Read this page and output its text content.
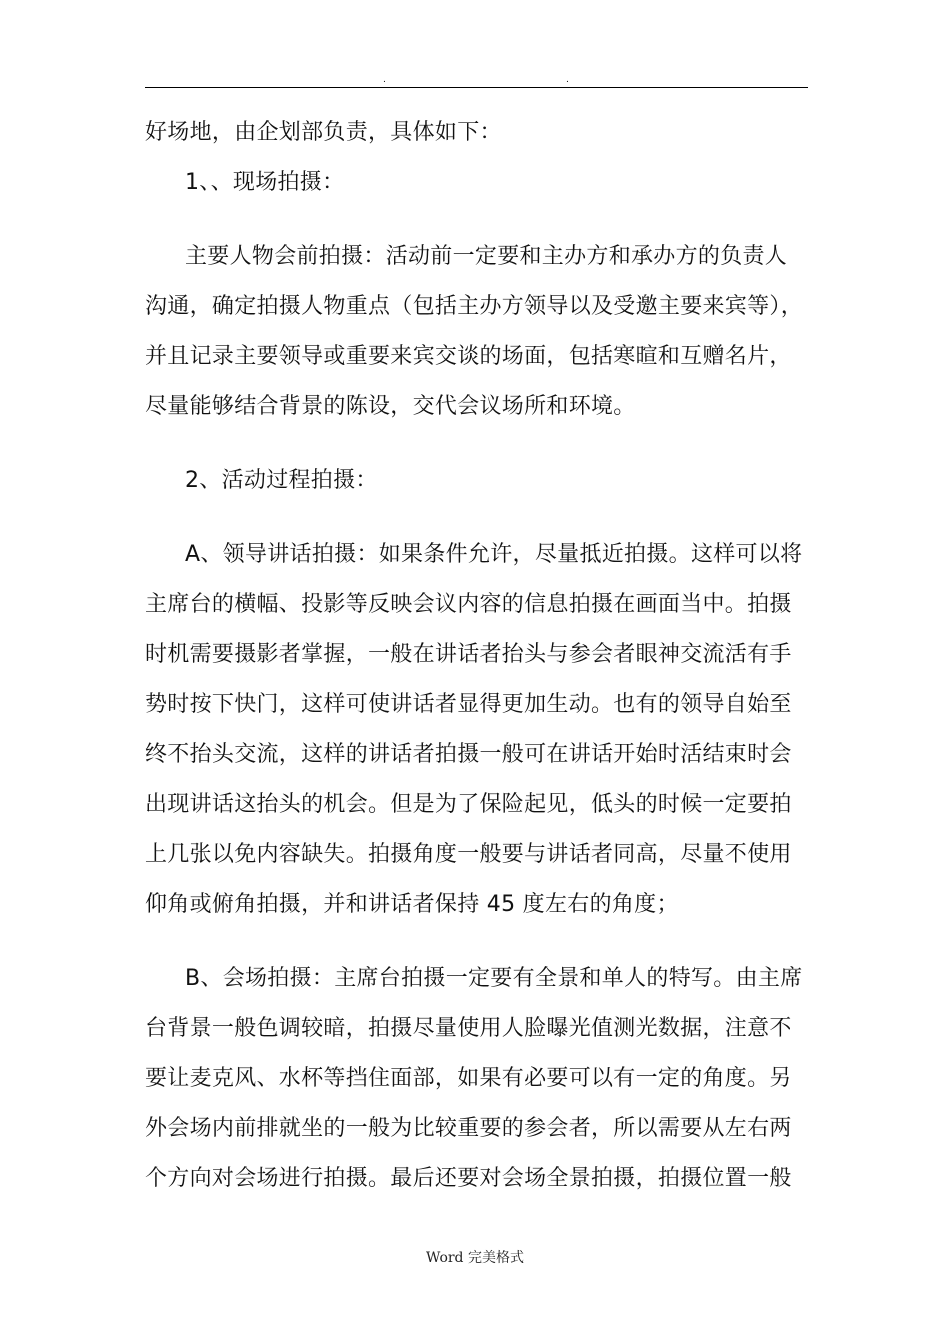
.	.
好场地，由企划部负责，具体如下：
1、、现场拍摄：
主要人物会前拍摄：活动前一定要和主办方和承办方的负责人
沟通，确定拍摄人物重点（包括主办方领导以及受邀主要来宾等），
并且记录主要领导或重要来宾交谈的场面，包括寒暄和互赠名片，
尽量能够结合背景的陈设，交代会议场所和环境。
2、活动过程拍摄：
A、领导讲话拍摄：如果条件允许，尽量抵近拍摄。这样可以将
主席台的横幅、投影等反映会议内容的信息拍摄在画面当中。拍摄
时机需要摄影者掌握，一般在讲话者抬头与参会者眼神交流活有手
势时按下快门，这样可使讲话者显得更加生动。也有的领导自始至
终不抬头交流，这样的讲话者拍摄一般可在讲话开始时活结束时会
出现讲话这抬头的机会。但是为了保险起见，低头的时候一定要拍
上几张以免内容缺失。拍摄角度一般要与讲话者同高，尽量不使用
仰角或俯角拍摄，并和讲话者保持 45 度左右的角度；
B、会场拍摄：主席台拍摄一定要有全景和单人的特写。由主席
台背景一般色调较暗，拍摄尽量使用人脸曝光值测光数据，注意不
要让麦克风、水杯等挡住面部，如果有必要可以有一定的角度。另
外会场内前排就坐的一般为比较重要的参会者，所以需要从左右两
个方向对会场进行拍摄。最后还要对会场全景拍摄，拍摄位置一般
Word 完美格式
